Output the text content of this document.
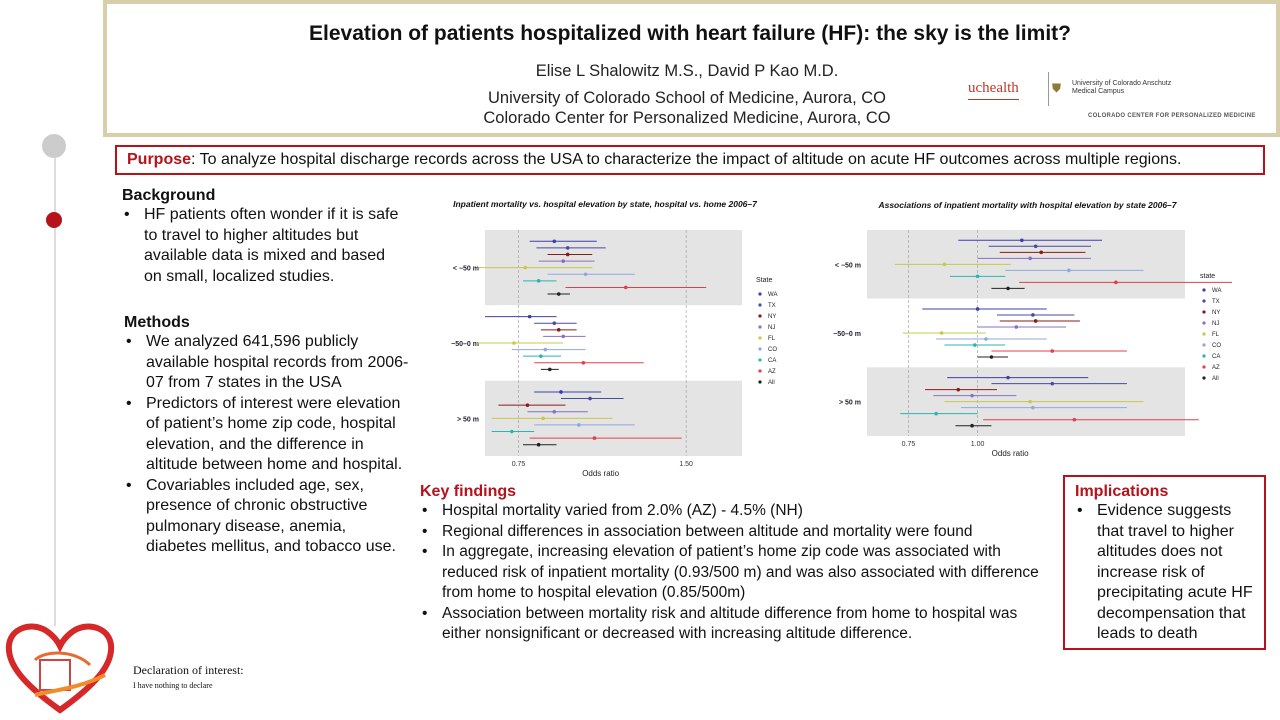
Elevation of patients hospitalized with heart failure (HF): the sky is the limit?
Elise L Shalowitz M.S., David P Kao M.D.
University of Colorado School of Medicine, Aurora, CO
Colorado Center for Personalized Medicine, Aurora, CO
uchealth	⛊ University of Colorado Anschutz Medical Campus
COLORADO CENTER FOR PERSONALIZED MEDICINE
Purpose: To analyze hospital discharge records across the USA to characterize the impact of altitude on acute HF outcomes across multiple regions.
Background
• HF patients often wonder if it is safe to travel to higher altitudes but available data is mixed and based on small, localized studies.
Methods
• We analyzed 641,596 publicly available hospital records from 2006-07 from 7 states in the USA
• Predictors of interest were elevation of patient’s home zip code, hospital elevation, and the difference in altitude between home and hospital.
• Covariables included age, sex, presence of chronic obstructive pulmonary disease, anemia, diabetes mellitus, and tobacco use.
Inpatient mortality vs. hospital elevation by state, hospital vs. home 2006–7
< −50 m
−50–0 m
> 50 m
0.75	1.50
Odds ratio
State
WA
TX
NY
NJ
FL
CO
CA
AZ
All
Associations of inpatient mortality with hospital elevation by state 2006–7
< −50 m
−50–0 m
> 50 m
0.75	1.00
Odds ratio
state
WA
TX
NY
NJ
FL
CO
CA
AZ
All
Key findings
• Hospital mortality varied from 2.0% (AZ) - 4.5% (NH)
• Regional differences in association between altitude and mortality were found
• In aggregate, increasing elevation of patient’s home zip code was associated with reduced risk of inpatient mortality (0.93/500 m) and was also associated with difference from home to hospital elevation (0.85/500m)
• Association between mortality risk and altitude difference from home to hospital was either nonsignificant or decreased with increasing altitude difference.
Implications
• Evidence suggests that travel to higher altitudes does not increase risk of precipitating acute HF decompensation that leads to death
Declaration of interest:
I have nothing to declare
